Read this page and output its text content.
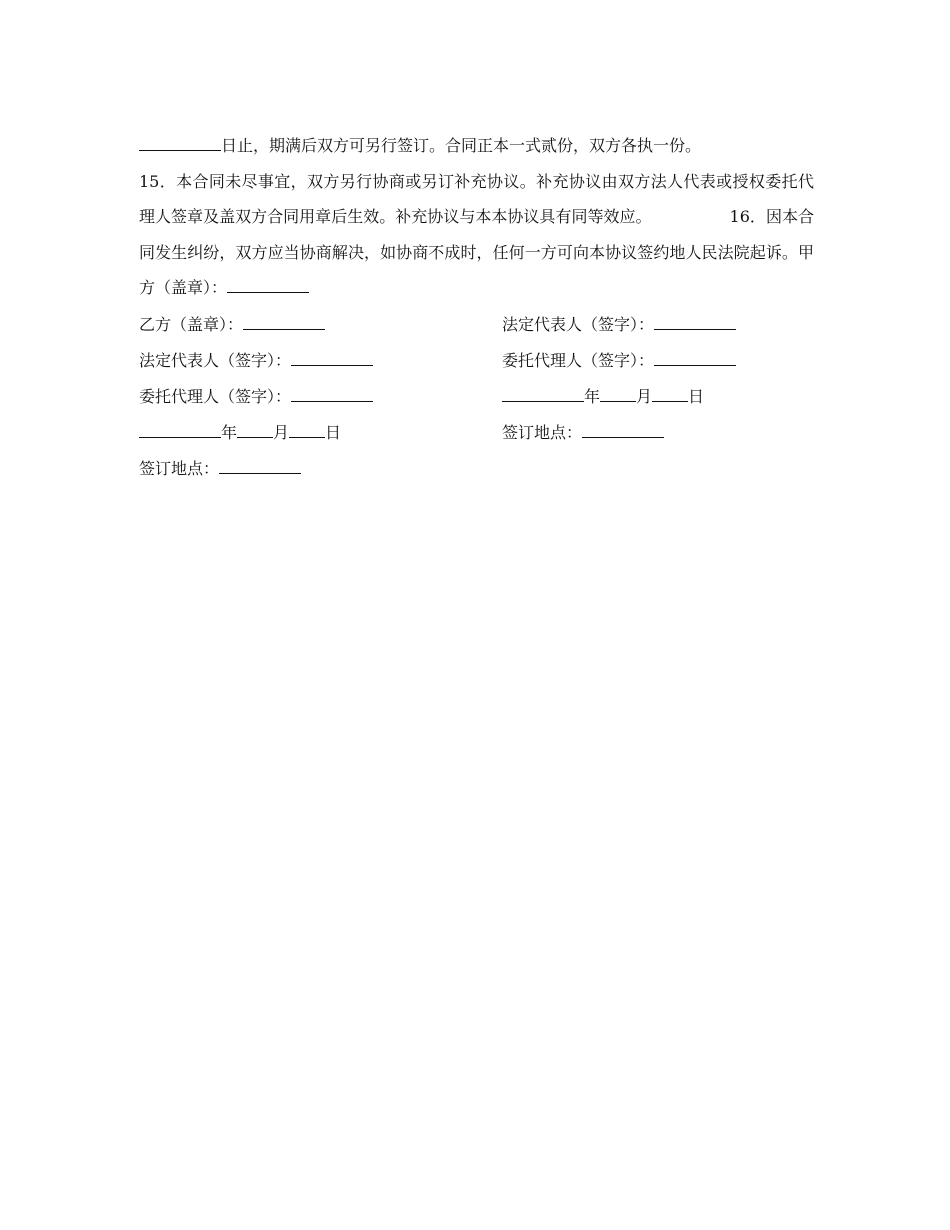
日止，期满后双方可另行签订。合同正本一式贰份，双方各执一份。

15．本合同未尽事宜，双方另行协商或另订补充协议。补充协议由双方法人代表或授权委托代理人签章及盖双方合同用章后生效。补充协议与本本协议具有同等效应。	16．因本合同发生纠纷，双方应当协商解决，如协商不成时，任何一方可向本协议签约地人民法院起诉。甲方（盖章）：

乙方（盖章）：	法定代表人（签字）：
法定代表人（签字）：	委托代理人（签字）：
委托代理人（签字）：	年 月 日
年 月 日	签订地点：
签订地点：
